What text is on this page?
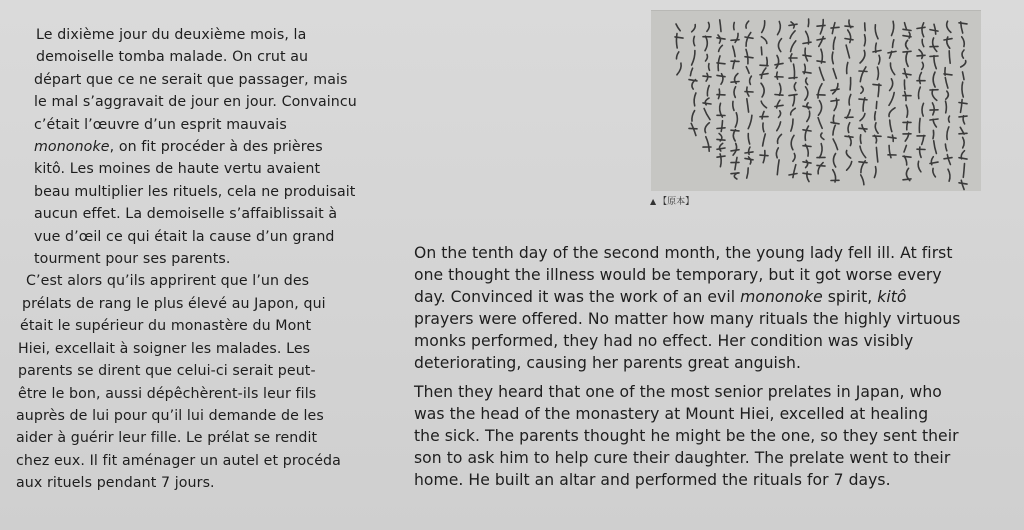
Le dixième jour du deuxième mois, la
demoiselle tomba malade. On crut au
départ que ce ne serait que passager, mais
le mal s’aggravait de jour en jour. Convaincu
c’était l’œuvre d’un esprit mauvais
mononoke, on fit procéder à des prières
kitô. Les moines de haute vertu avaient
beau multiplier les rituels, cela ne produisait
aucun effet. La demoiselle s’affaiblissait à
vue d’œil ce qui était la cause d’un grand
tourment pour ses parents.
C’est alors qu’ils apprirent que l’un des
prélats de rang le plus élevé au Japon, qui
était le supérieur du monastère du Mont
Hiei, excellait à soigner les malades. Les
parents se dirent que celui-ci serait peut-
être le bon, aussi dépêchèrent-ils leur fils
auprès de lui pour qu’il lui demande de les
aider à guérir leur fille. Le prélat se rendit
chez eux. Il fit aménager un autel et procéda
aux rituels pendant 7 jours.
▲ 【原本】

On the tenth day of the second month, the young lady fell ill. At first
one thought the illness would be temporary, but it got worse every
day. Convinced it was the work of an evil mononoke spirit, kitô
prayers were offered. No matter how many rituals the highly virtuous
monks performed, they had no effect. Her condition was visibly
deteriorating, causing her parents great anguish.

Then they heard that one of the most senior prelates in Japan, who
was the head of the monastery at Mount Hiei, excelled at healing
the sick. The parents thought he might be the one, so they sent their
son to ask him to help cure their daughter. The prelate went to their
home. He built an altar and performed the rituals for 7 days.
